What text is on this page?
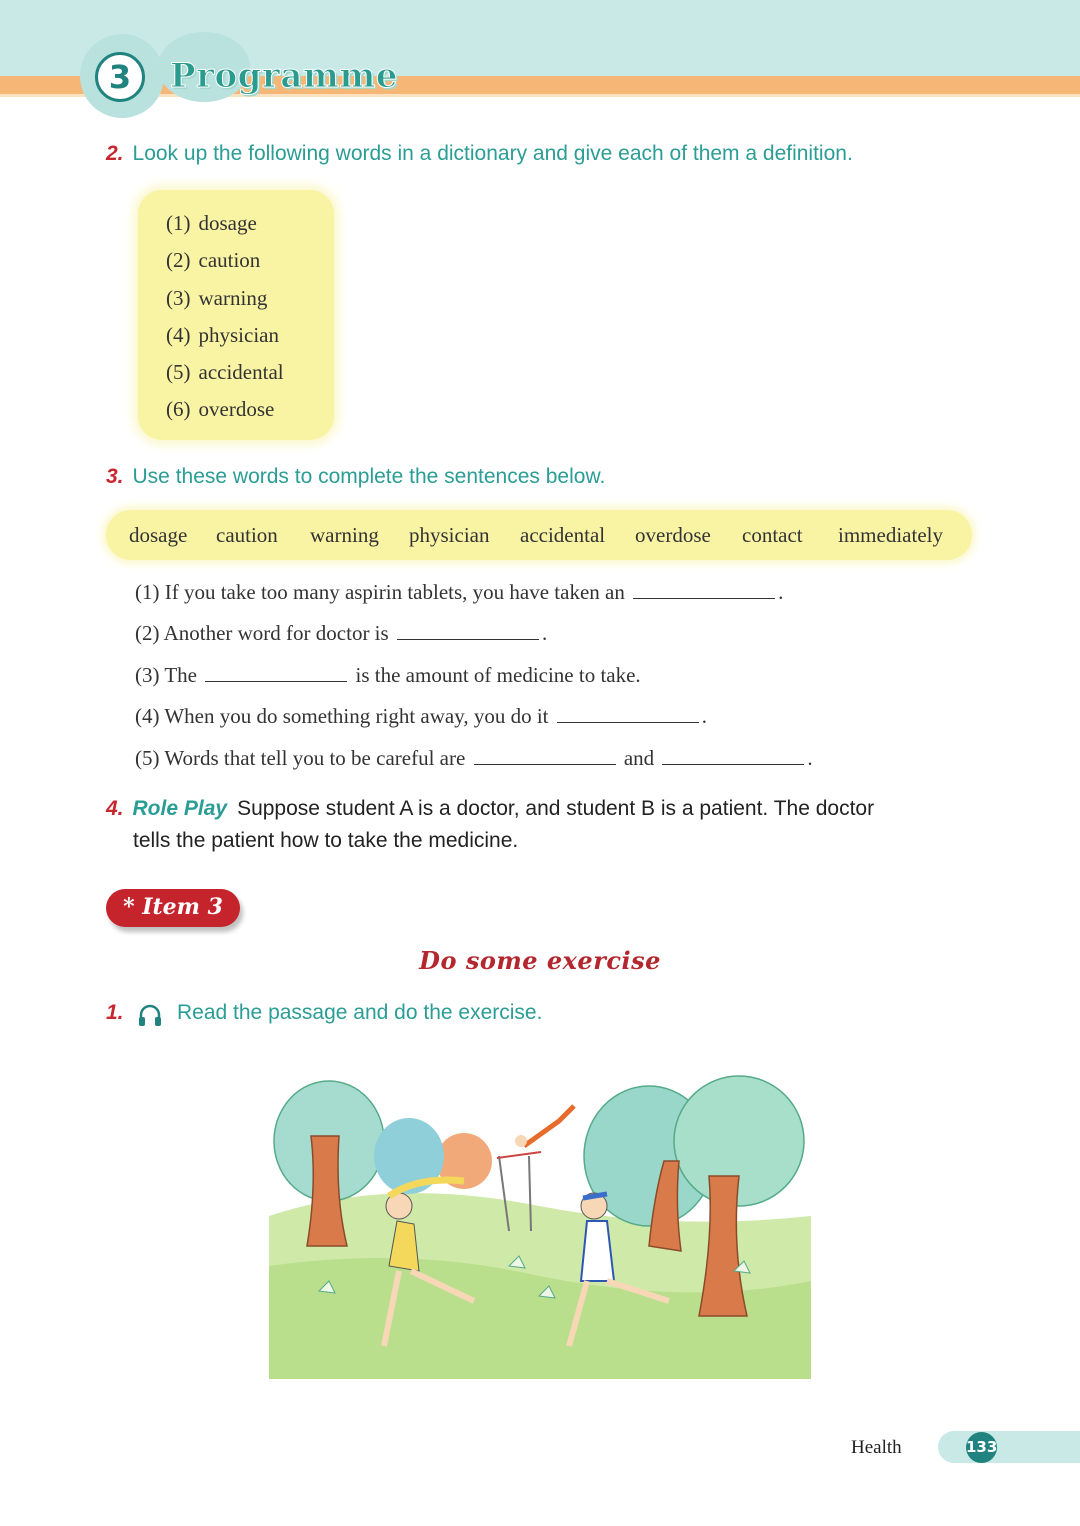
3	Programme
2. Look up the following words in a dictionary and give each of them a definition.
(1) dosage
(2) caution
(3) warning
(4) physician
(5) accidental
(6) overdose
3. Use these words to complete the sentences below.
dosage caution warning physician accidental overdose contact immediately
(1) If you take too many aspirin tablets, you have taken an	.
(2) Another word for doctor is	.
(3) The	is the amount of medicine to take.
(4) When you do something right away, you do it	.
(5) Words that tell you to be careful are	and	.
4. Role Play Suppose student A is a doctor, and student B is a patient. The doctor
tells the patient how to take the medicine.
* Item 3
Do some exercise
1.	Read the passage and do the exercise.
Health	133
